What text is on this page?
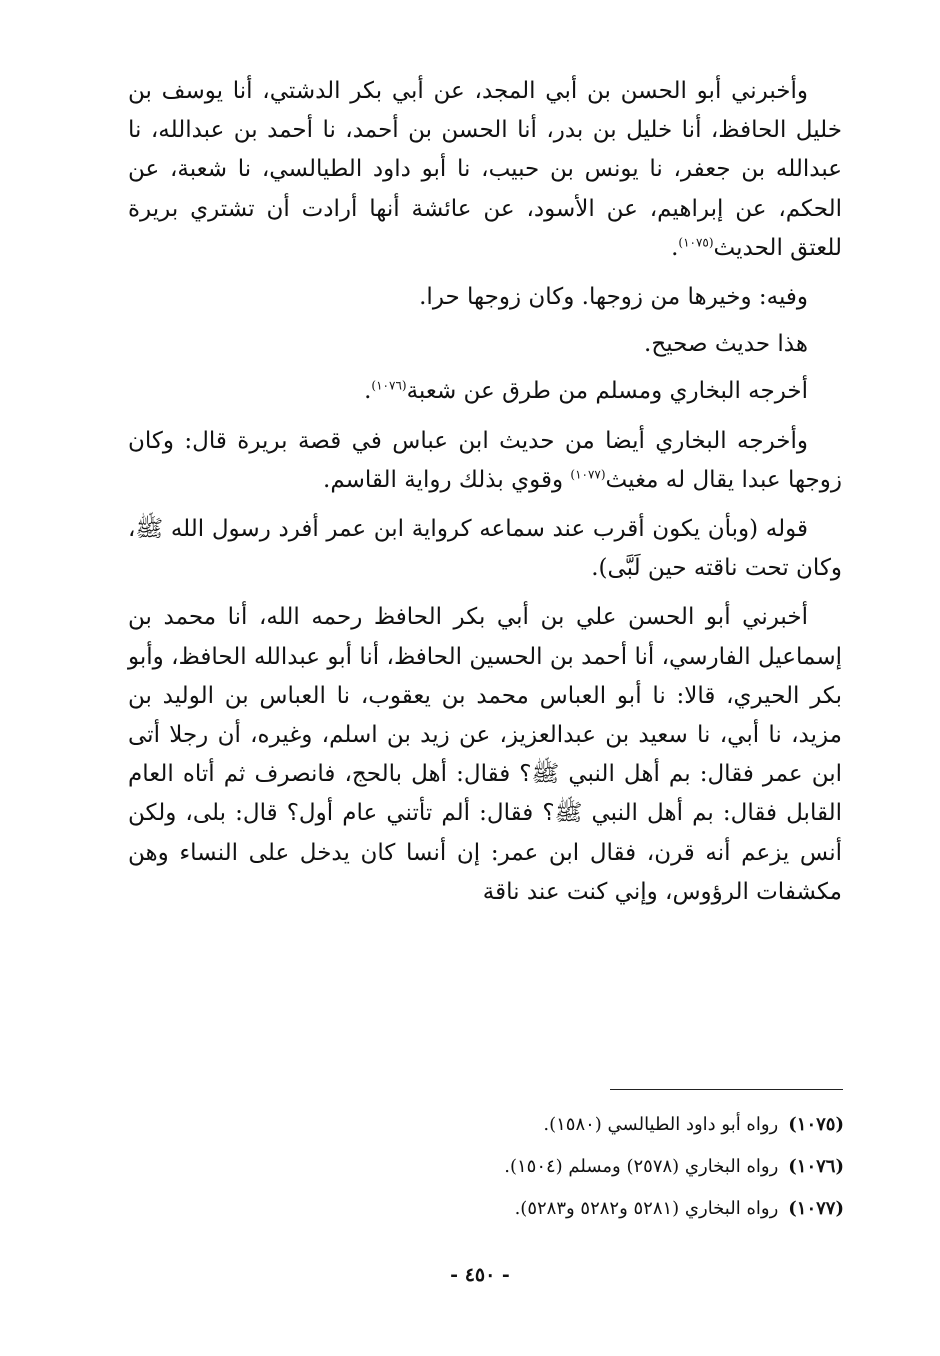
وأخبرني أبو الحسن بن أبي المجد، عن أبي بكر الدشتي، أنا يوسف بن خليل الحافظ، أنا خليل بن بدر، أنا الحسن بن أحمد، نا أحمد بن عبدالله، نا عبدالله بن جعفر، نا يونس بن حبيب، نا أبو داود الطيالسي، نا شعبة، عن الحكم، عن إبراهيم، عن الأسود، عن عائشة أنها أرادت أن تشتري بريرة للعتق الحديث$^{(١٠٧٥)}$.

وفيه: وخيرها من زوجها. وكان زوجها حرا.

هذا حديث صحيح.

أخرجه البخاري ومسلم من طرق عن شعبة$^{(١٠٧٦)}$.

وأخرجه البخاري أيضا من حديث ابن عباس في قصة بريرة قال: وكان زوجها عبدا يقال له مغيث$^{(١٠٧٧)}$ وقوي بذلك رواية القاسم.

قوله (وبأن يكون أقرب عند سماعه كرواية ابن عمر أفرد رسول الله ﷺ، وكان تحت ناقته حين لَبَّى).

أخبرني أبو الحسن علي بن أبي بكر الحافظ رحمه الله، أنا محمد بن إسماعيل الفارسي، أنا أحمد بن الحسين الحافظ، أنا أبو عبدالله الحافظ، وأبو بكر الحيري، قالا: نا أبو العباس محمد بن يعقوب، نا العباس بن الوليد بن مزيد، نا أبي، نا سعيد بن عبدالعزيز، عن زيد بن اسلم، وغيره، أن رجلا أتى ابن عمر فقال: بم أهل النبي ﷺ؟ فقال: أهل بالحج، فانصرف ثم أتاه العام القابل فقال: بم أهل النبي ﷺ؟ فقال: ألم تأتني عام أول؟ قال: بلى، ولكن أنس يزعم أنه قرن، فقال ابن عمر: إن أنسا كان يدخل على النساء وهن مكشفات الرؤوس، وإني كنت عند ناقة

(١٠٧٥)رواه أبو داود الطيالسي (١٥٨٠).

(١٠٧٦)رواه البخاري (٢٥٧٨) ومسلم (١٥٠٤).

(١٠٧٧)رواه البخاري (٥٢٨١ و٥٢٨٢ و٥٢٨٣).

- ٤٥٠ -
